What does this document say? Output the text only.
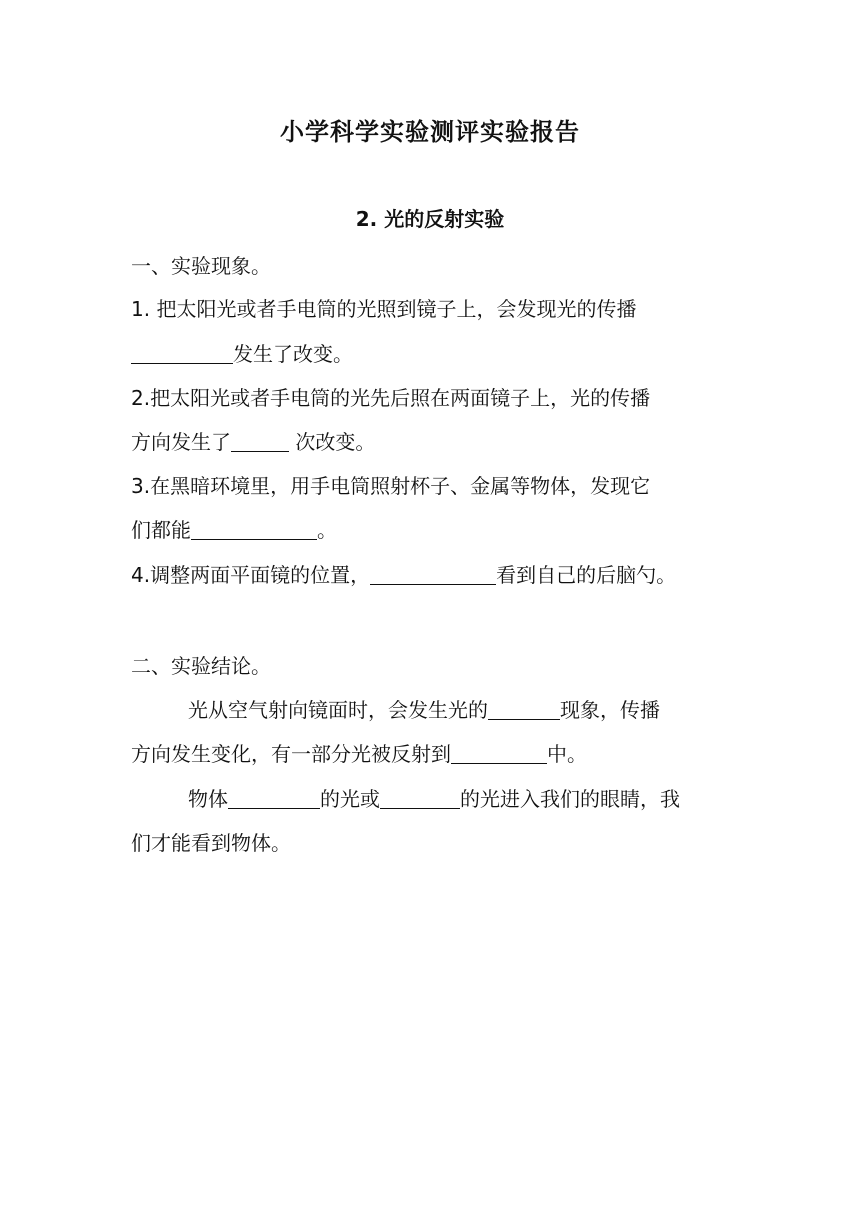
小学科学实验测评实验报告
2. 光的反射实验
一、实验现象。
1. 把太阳光或者手电筒的光照到镜子上，会发现光的传播
发生了改变。
2.把太阳光或者手电筒的光先后照在两面镜子上，光的传播
方向发生了	次改变。
3.在黑暗环境里，用手电筒照射杯子、金属等物体，发现它
们都能	。
4.调整两面平面镜的位置，	看到自己的后脑勺。
二、实验结论。
光从空气射向镜面时，会发生光的	现象，传播
方向发生变化，有一部分光被反射到	中。
物体	的光或	的光进入我们的眼睛，我
们才能看到物体。
